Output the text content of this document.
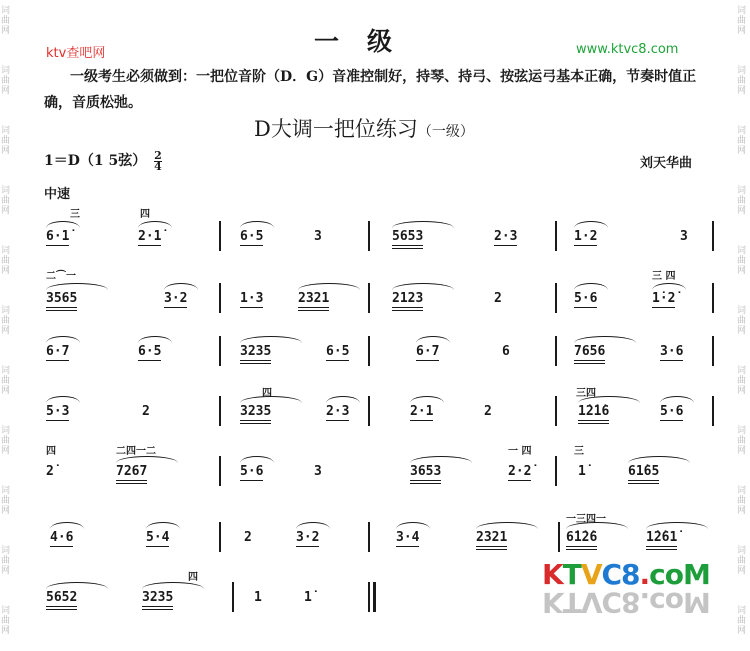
词
曲
网
词
曲
网
词
曲
网
词
曲
网
词
曲
网
词
曲
网
词
曲
网
词
曲
网
词
曲
网
词
曲
网
词
曲
网
词
曲
网
词
曲
网
词
曲
网
词
曲
网
词
曲
网
词
曲
网
词
曲
网
词
曲
网
词
曲
网
词
曲
网
词
曲
网
一级
ktv查吧网	www.ktvc8.com
一级考生必须做到：一把位音阶（D．G）音准控制好，持琴、持弓、按弦运弓基本正确，节奏时值正确，音质松弛。
D大调一把位练习（一级）
1＝D（1 5弦） $\frac{2}{4}$	刘天华曲
中速
三	四
6·1̇	2·1̇	6·5	3	5653	2·3	1·2	3
二⌒一	三 四
3565	3·2	1·3	2321	2123	2	5·6	1̇·2̇
6·7	6·5	3235	6·5	6·7	6	7656	3·6
四	三四
5·3	2	3235	2·3	2·1	2	1̇2̇1̇6	5·6
四	二四一二	一 四	三
2̇	7267	5·6	3	3653	2·2̇	1̇	61̇65
一三四一
4·6	5·4	2	3·2	3·4	2321	6̇1̇2̇6	1̇2̇61̇
四
5652	3235	1	1̇
KTVC8.coM
KTVC8.coM
